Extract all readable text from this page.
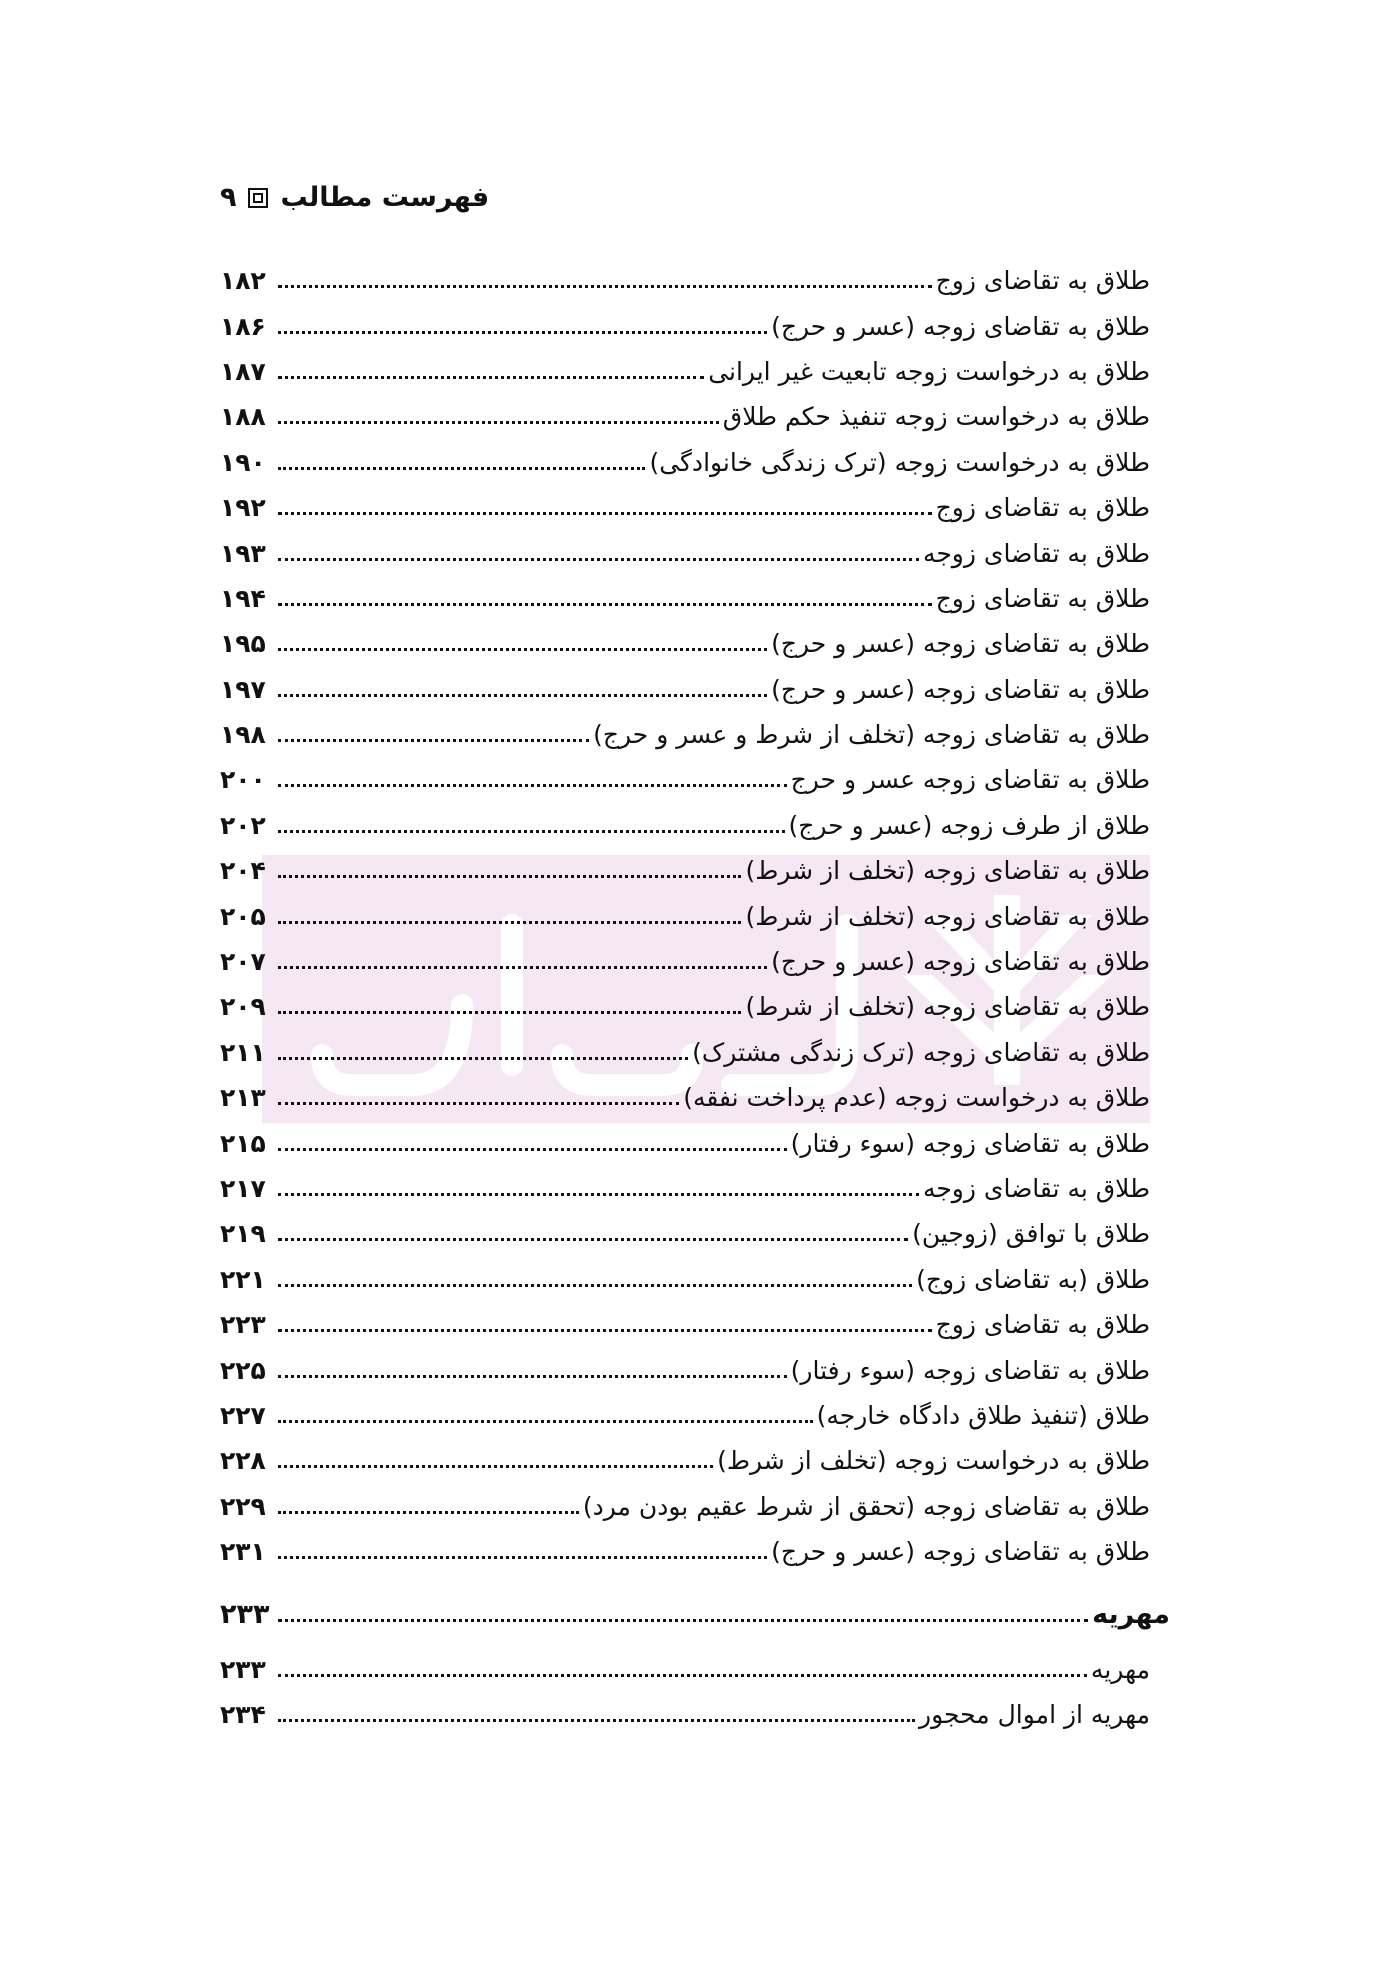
فهرست مطالب
۹
طلاق به تقاضای زوج
۱۸۲
طلاق به تقاضای زوجه (عسر و حرج)
۱۸۶
طلاق به درخواست زوجه تابعیت غیر ایرانی
۱۸۷
طلاق به درخواست زوجه تنفیذ حکم طلاق
۱۸۸
طلاق به درخواست زوجه (ترک زندگی خانوادگی)
۱۹۰
طلاق به تقاضای زوج
۱۹۲
طلاق به تقاضای زوجه
۱۹۳
طلاق به تقاضای زوج
۱۹۴
طلاق به تقاضای زوجه (عسر و حرج)
۱۹۵
طلاق به تقاضای زوجه (عسر و حرج)
۱۹۷
طلاق به تقاضای زوجه (تخلف از شرط و عسر و حرج)
۱۹۸
طلاق به تقاضای زوجه عسر و حرج
۲۰۰
طلاق از طرف زوجه (عسر و حرج)
۲۰۲
طلاق به تقاضای زوجه (تخلف از شرط)
۲۰۴
طلاق به تقاضای زوجه (تخلف از شرط)
۲۰۵
طلاق به تقاضای زوجه (عسر و حرج)
۲۰۷
طلاق به تقاضای زوجه (تخلف از شرط)
۲۰۹
طلاق به تقاضای زوجه (ترک زندگی مشترک)
۲۱۱
طلاق به درخواست زوجه (عدم پرداخت نفقه)
۲۱۳
طلاق به تقاضای زوجه (سوء رفتار)
۲۱۵
طلاق به تقاضای زوجه
۲۱۷
طلاق با توافق (زوجین)
۲۱۹
طلاق (به تقاضای زوج)
۲۲۱
طلاق به تقاضای زوج
۲۲۳
طلاق به تقاضای زوجه (سوء رفتار)
۲۲۵
طلاق (تنفیذ طلاق دادگاه خارجه)
۲۲۷
طلاق به درخواست زوجه (تخلف از شرط)
۲۲۸
طلاق به تقاضای زوجه (تحقق از شرط عقیم بودن مرد)
۲۲۹
طلاق به تقاضای زوجه (عسر و حرج)
۲۳۱
مهریه
۲۳۳
مهریه
۲۳۳
مهریه از اموال محجور
۲۳۴
